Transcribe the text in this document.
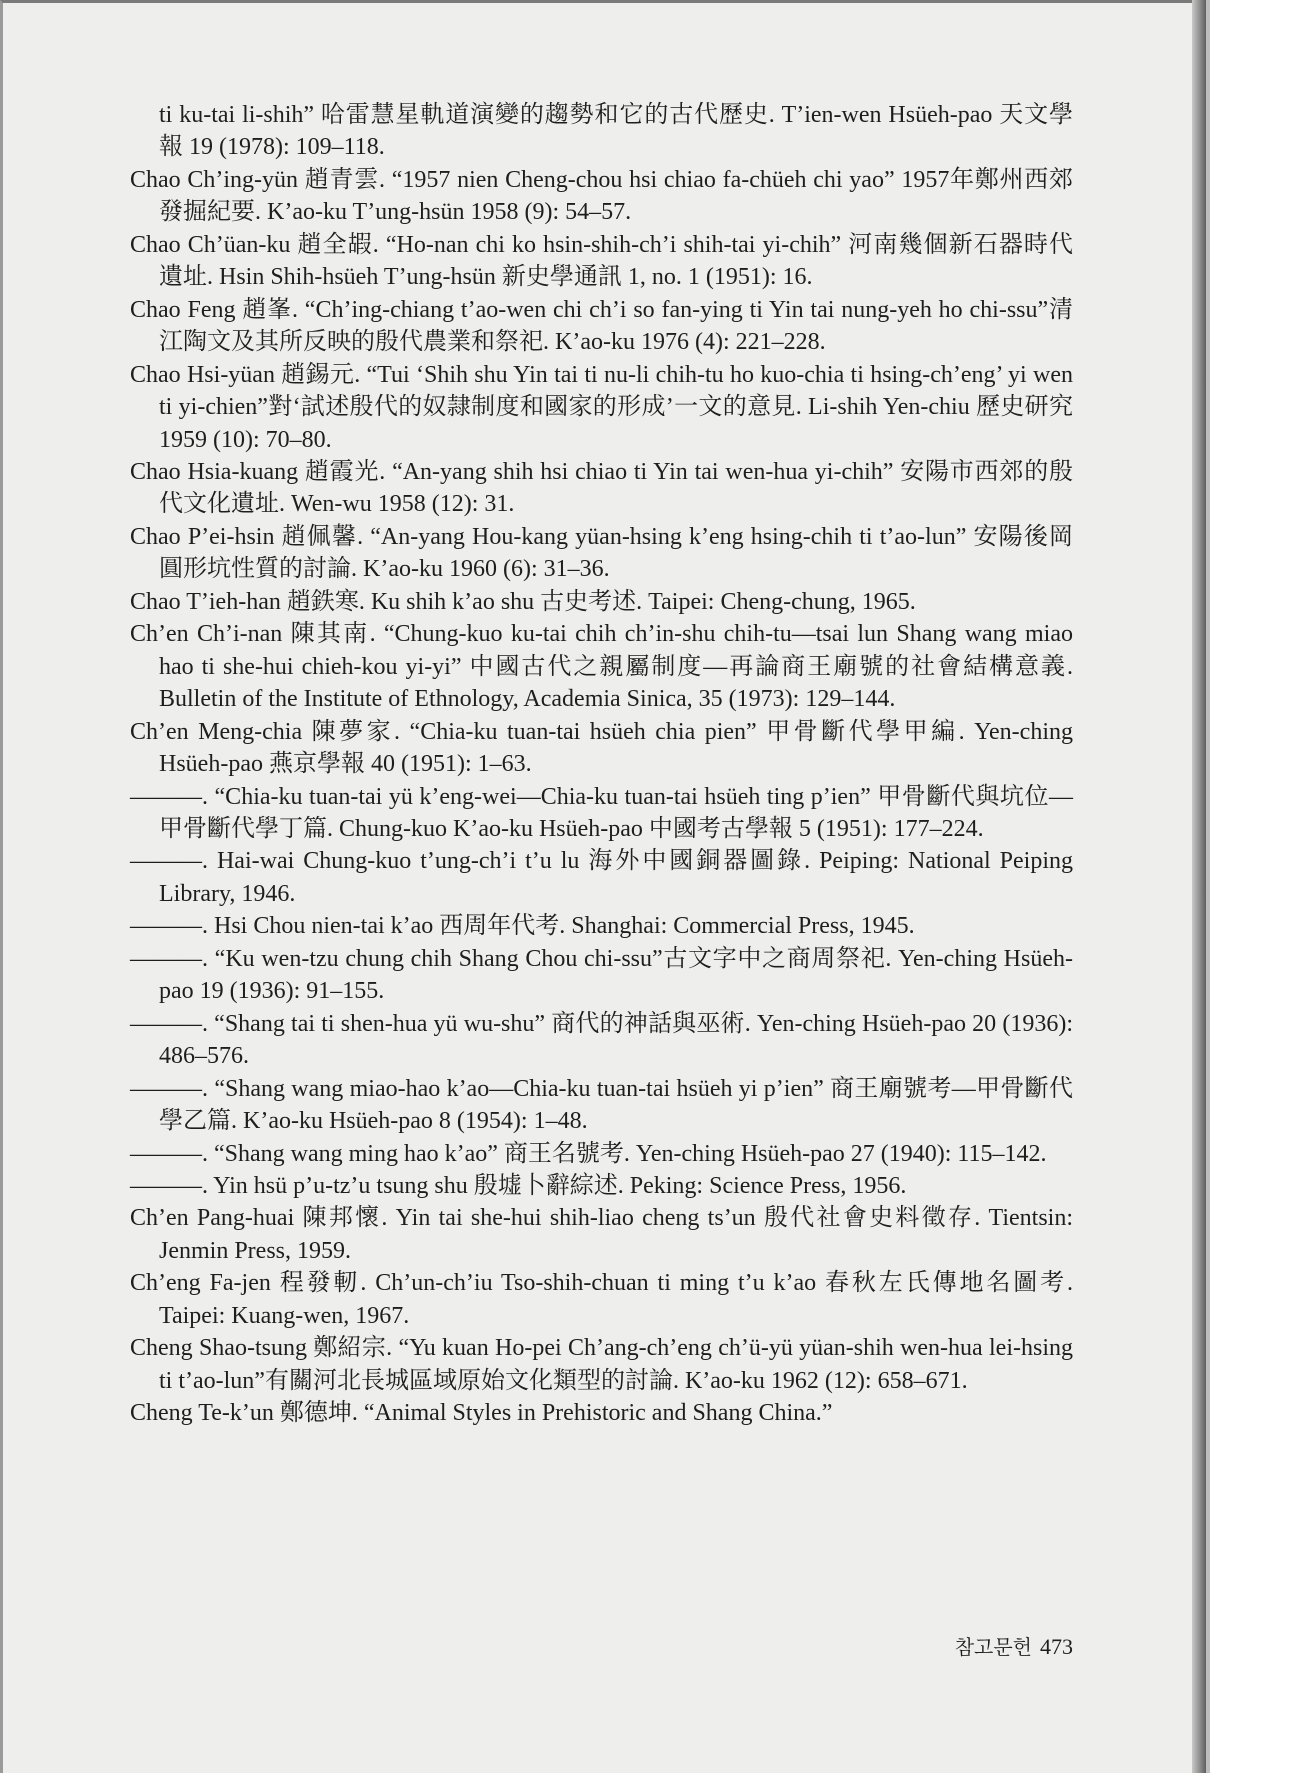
ti ku-tai li-shih” 哈雷慧星軌道演變的趨勢和它的古代歷史. T’ien-wen Hsüeh-pao 天文學報 19 (1978): 109–118.

Chao Ch’ing-yün 趙青雲. “1957 nien Cheng-chou hsi chiao fa-chüeh chi yao” 1957年鄭州西郊發掘紀要. K’ao-ku T’ung-hsün 1958 (9): 54–57.

Chao Ch’üan-ku 趙全嘏. “Ho-nan chi ko hsin-shih-ch’i shih-tai yi-chih” 河南幾個新石器時代遺址. Hsin Shih-hsüeh T’ung-hsün 新史學通訊 1, no. 1 (1951): 16.

Chao Feng 趙峯. “Ch’ing-chiang t’ao-wen chi ch’i so fan-ying ti Yin tai nung-yeh ho chi-ssu”清江陶文及其所反映的殷代農業和祭祀. K’ao-ku 1976 (4): 221–228.

Chao Hsi-yüan 趙錫元. “Tui ‘Shih shu Yin tai ti nu-li chih-tu ho kuo-chia ti hsing-ch’eng’ yi wen ti yi-chien”對‘試述殷代的奴隷制度和國家的形成’一文的意見. Li-shih Yen-chiu 歷史研究 1959 (10): 70–80.

Chao Hsia-kuang 趙霞光. “An-yang shih hsi chiao ti Yin tai wen-hua yi-chih” 安陽市西郊的殷代文化遺址. Wen-wu 1958 (12): 31.

Chao P’ei-hsin 趙佩馨. “An-yang Hou-kang yüan-hsing k’eng hsing-chih ti t’ao-lun” 安陽後岡圓形坑性質的討論. K’ao-ku 1960 (6): 31–36.

Chao T’ieh-han 趙鉄寒. Ku shih k’ao shu 古史考述. Taipei: Cheng-chung, 1965.

Ch’en Ch’i-nan 陳其南. “Chung-kuo ku-tai chih ch’in-shu chih-tu—tsai lun Shang wang miao hao ti she-hui chieh-kou yi-yi” 中國古代之親屬制度—再論商王廟號的社會結構意義. Bulletin of the Institute of Ethnology, Academia Sinica, 35 (1973): 129–144.

Ch’en Meng-chia 陳夢家. “Chia-ku tuan-tai hsüeh chia pien” 甲骨斷代學甲編. Yen-ching Hsüeh-pao 燕京學報 40 (1951): 1–63.

———. “Chia-ku tuan-tai yü k’eng-wei—Chia-ku tuan-tai hsüeh ting p’ien” 甲骨斷代與坑位—甲骨斷代學丁篇. Chung-kuo K’ao-ku Hsüeh-pao 中國考古學報 5 (1951): 177–224.

———. Hai-wai Chung-kuo t’ung-ch’i t’u lu 海外中國銅器圖錄. Peiping: National Peiping Library, 1946.

———. Hsi Chou nien-tai k’ao 西周年代考. Shanghai: Commercial Press, 1945.

———. “Ku wen-tzu chung chih Shang Chou chi-ssu”古文字中之商周祭祀. Yen-ching Hsüeh-pao 19 (1936): 91–155.

———. “Shang tai ti shen-hua yü wu-shu” 商代的神話與巫術. Yen-ching Hsüeh-pao 20 (1936): 486–576.

———. “Shang wang miao-hao k’ao—Chia-ku tuan-tai hsüeh yi p’ien” 商王廟號考—甲骨斷代學乙篇. K’ao-ku Hsüeh-pao 8 (1954): 1–48.

———. “Shang wang ming hao k’ao” 商王名號考. Yen-ching Hsüeh-pao 27 (1940): 115–142.

———. Yin hsü p’u-tz’u tsung shu 殷墟卜辭綜述. Peking: Science Press, 1956.

Ch’en Pang-huai 陳邦懷. Yin tai she-hui shih-liao cheng ts’un 殷代社會史料徵存. Tientsin: Jenmin Press, 1959.

Ch’eng Fa-jen 程發軔. Ch’un-ch’iu Tso-shih-chuan ti ming t’u k’ao 春秋左氏傳地名圖考. Taipei: Kuang-wen, 1967.

Cheng Shao-tsung 鄭紹宗. “Yu kuan Ho-pei Ch’ang-ch’eng ch’ü-yü yüan-shih wen-hua lei-hsing ti t’ao-lun”有關河北長城區域原始文化類型的討論. K’ao-ku 1962 (12): 658–671.

Cheng Te-k’un 鄭德坤. “Animal Styles in Prehistoric and Shang China.”

참고문헌 473
